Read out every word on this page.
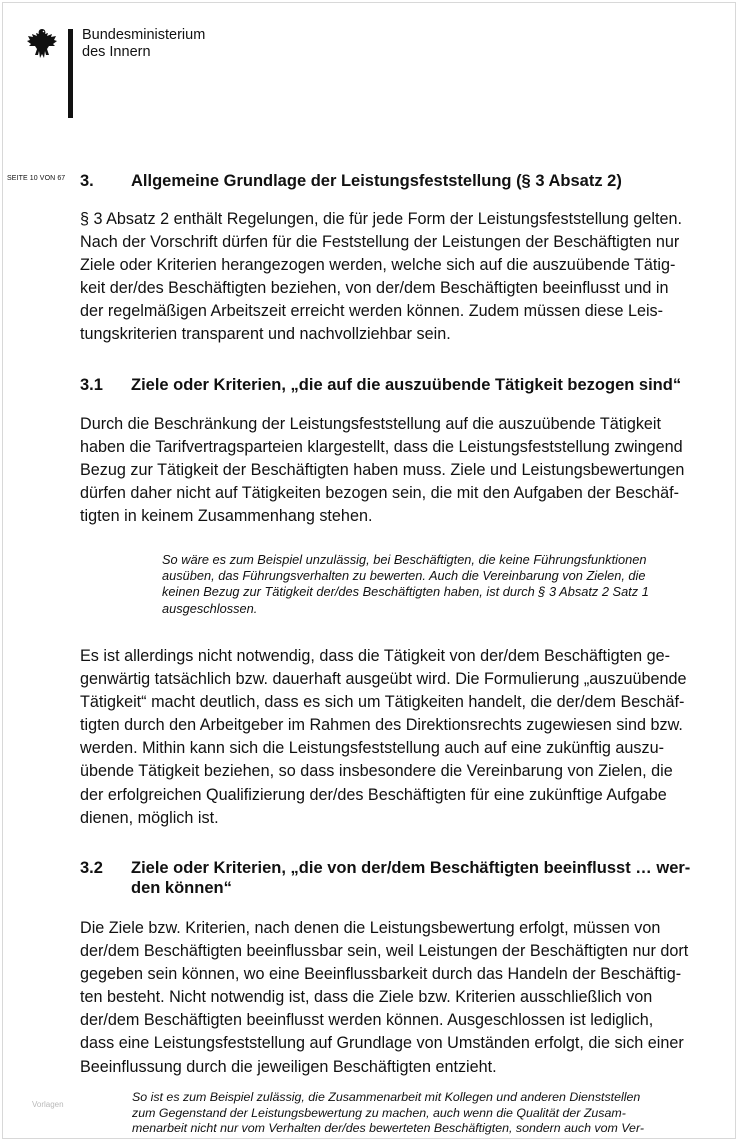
Bundesministerium
des Innern
SEITE 10 VON 67 3. Allgemeine Grundlage der Leistungsfeststellung (§ 3 Absatz 2)
§ 3 Absatz 2 enthält Regelungen, die für jede Form der Leistungsfeststellung gelten.
Nach der Vorschrift dürfen für die Feststellung der Leistungen der Beschäftigten nur
Ziele oder Kriterien herangezogen werden, welche sich auf die auszuübende Tätig-
keit der/des Beschäftigten beziehen, von der/dem Beschäftigten beeinflusst und in
der regelmäßigen Arbeitszeit erreicht werden können. Zudem müssen diese Leis-
tungskriterien transparent und nachvollziehbar sein.
3.1 Ziele oder Kriterien, „die auf die auszuübende Tätigkeit bezogen sind“
Durch die Beschränkung der Leistungsfeststellung auf die auszuübende Tätigkeit
haben die Tarifvertragsparteien klargestellt, dass die Leistungsfeststellung zwingend
Bezug zur Tätigkeit der Beschäftigten haben muss. Ziele und Leistungsbewertungen
dürfen daher nicht auf Tätigkeiten bezogen sein, die mit den Aufgaben der Beschäf-
tigten in keinem Zusammenhang stehen.
So wäre es zum Beispiel unzulässig, bei Beschäftigten, die keine Führungsfunktionen
ausüben, das Führungsverhalten zu bewerten. Auch die Vereinbarung von Zielen, die
keinen Bezug zur Tätigkeit der/des Beschäftigten haben, ist durch § 3 Absatz 2 Satz 1
ausgeschlossen.
Es ist allerdings nicht notwendig, dass die Tätigkeit von der/dem Beschäftigten ge-
genwärtig tatsächlich bzw. dauerhaft ausgeübt wird. Die Formulierung „auszuübende
Tätigkeit“ macht deutlich, dass es sich um Tätigkeiten handelt, die der/dem Beschäf-
tigten durch den Arbeitgeber im Rahmen des Direktionsrechts zugewiesen sind bzw.
werden. Mithin kann sich die Leistungsfeststellung auch auf eine zukünftig auszu-
übende Tätigkeit beziehen, so dass insbesondere die Vereinbarung von Zielen, die
der erfolgreichen Qualifizierung der/des Beschäftigten für eine zukünftige Aufgabe
dienen, möglich ist.
3.2 Ziele oder Kriterien, „die von der/dem Beschäftigten beeinflusst … wer-
den können“
Die Ziele bzw. Kriterien, nach denen die Leistungsbewertung erfolgt, müssen von
der/dem Beschäftigten beeinflussbar sein, weil Leistungen der Beschäftigten nur dort
gegeben sein können, wo eine Beeinflussbarkeit durch das Handeln der Beschäftig-
ten besteht. Nicht notwendig ist, dass die Ziele bzw. Kriterien ausschließlich von
der/dem Beschäftigten beeinflusst werden können. Ausgeschlossen ist lediglich,
dass eine Leistungsfeststellung auf Grundlage von Umständen erfolgt, die sich einer
Beeinflussung durch die jeweiligen Beschäftigten entzieht.
So ist es zum Beispiel zulässig, die Zusammenarbeit mit Kollegen und anderen Dienststellen
zum Gegenstand der Leistungsbewertung zu machen, auch wenn die Qualität der Zusam-
menarbeit nicht nur vom Verhalten der/des bewerteten Beschäftigten, sondern auch vom Ver-
Vorlagen
